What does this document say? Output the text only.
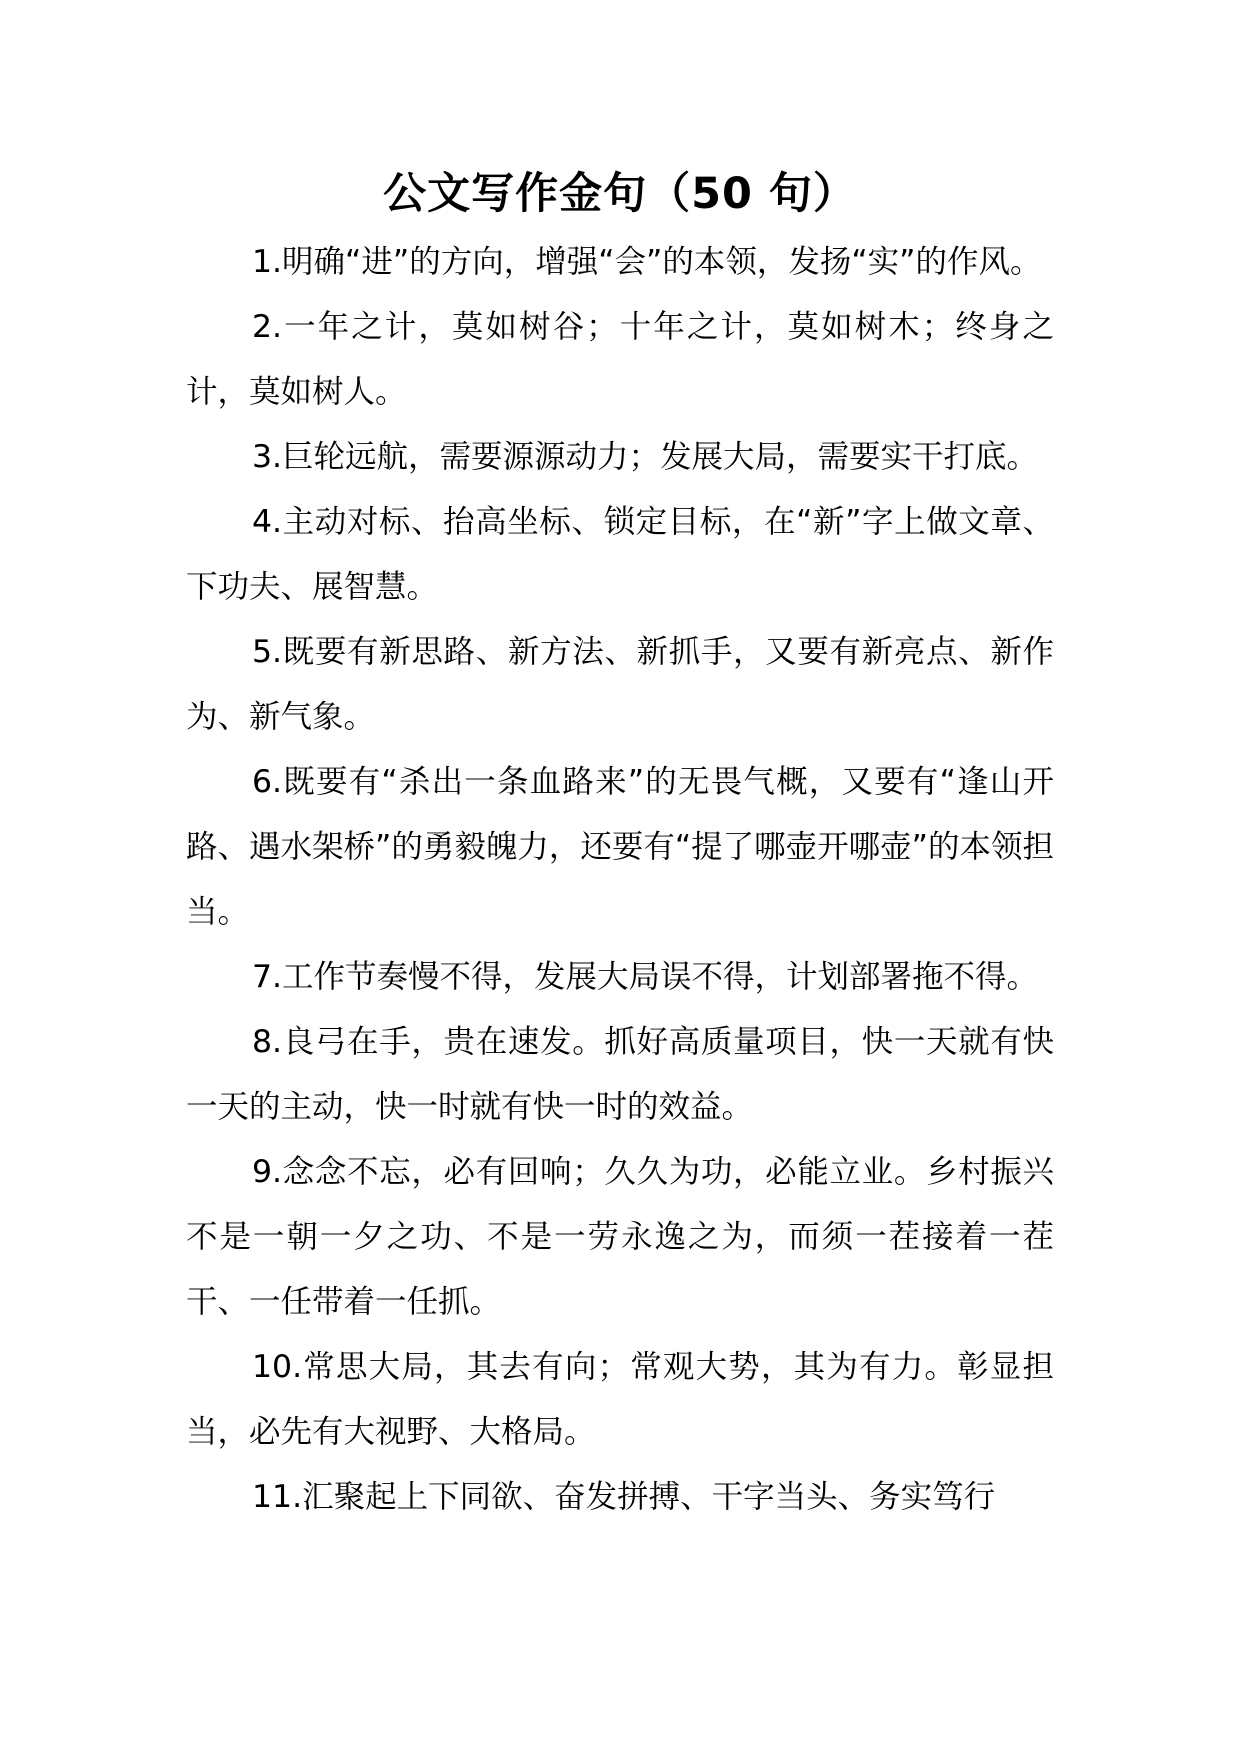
公文写作金句（50 句）

1.明确“进”的方向，增强“会”的本领，发扬“实”的作风。

2.一年之计，莫如树谷；十年之计，莫如树木；终身之计，莫如树人。

3.巨轮远航，需要源源动力；发展大局，需要实干打底。

4.主动对标、抬高坐标、锁定目标，在“新”字上做文章、下功夫、展智慧。

5.既要有新思路、新方法、新抓手，又要有新亮点、新作为、新气象。

6.既要有“杀出一条血路来”的无畏气概，又要有“逢山开路、遇水架桥”的勇毅魄力，还要有“提了哪壶开哪壶”的本领担当。

7.工作节奏慢不得，发展大局误不得，计划部署拖不得。

8.良弓在手，贵在速发。抓好高质量项目，快一天就有快一天的主动，快一时就有快一时的效益。

9.念念不忘，必有回响；久久为功，必能立业。乡村振兴不是一朝一夕之功、不是一劳永逸之为，而须一茬接着一茬干、一任带着一任抓。

10.常思大局，其去有向；常观大势，其为有力。彰显担当，必先有大视野、大格局。

11.汇聚起上下同欲、奋发拼搏、干字当头、务实笃行
